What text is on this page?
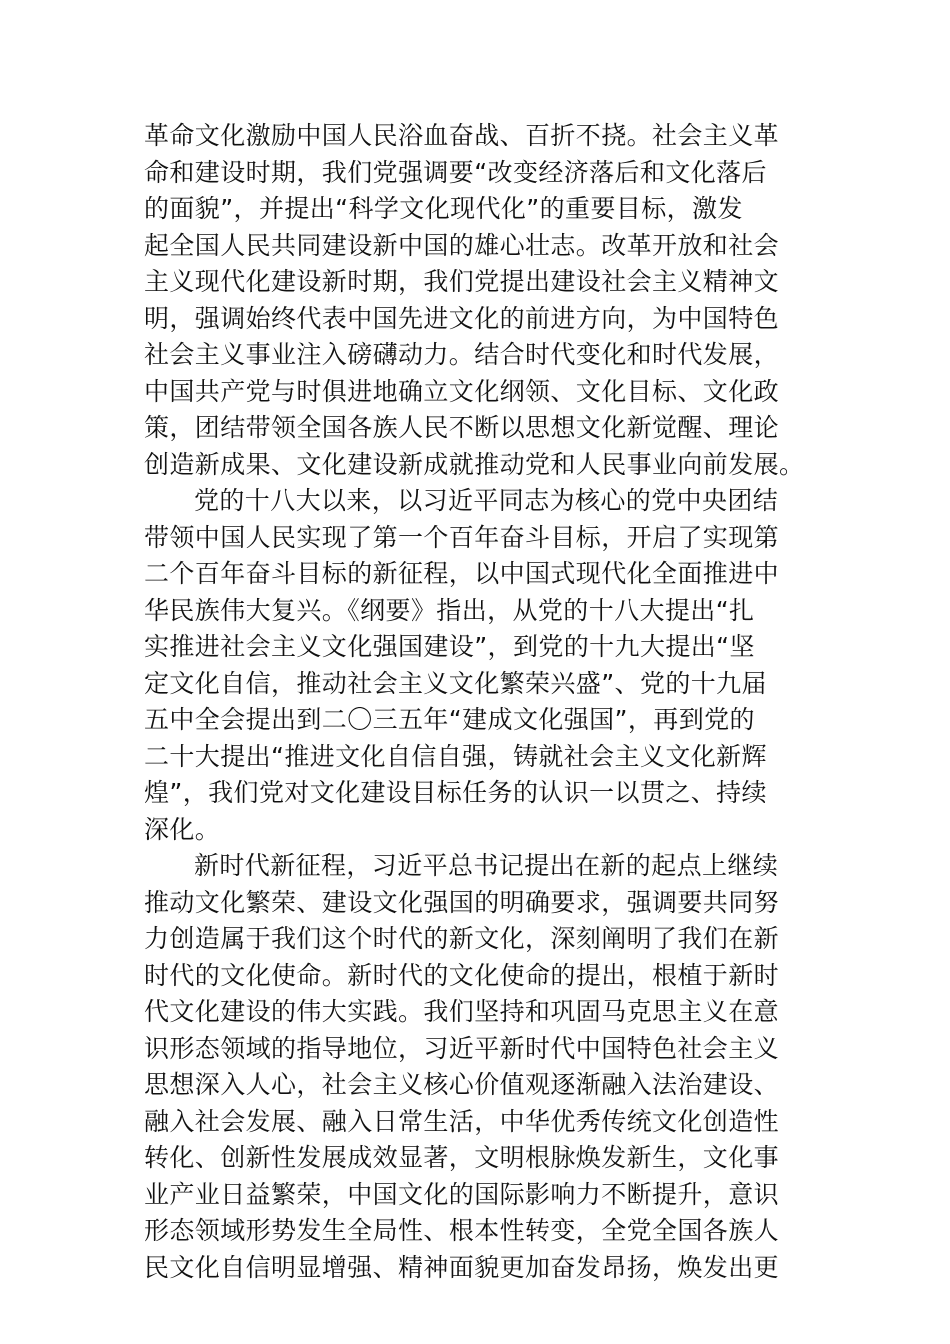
革命文化激励中国人民浴血奋战、百折不挠。社会主义革
命和建设时期，我们党强调要“改变经济落后和文化落后
的面貌”，并提出“科学文化现代化”的重要目标，激发
起全国人民共同建设新中国的雄心壮志。改革开放和社会
主义现代化建设新时期，我们党提出建设社会主义精神文
明，强调始终代表中国先进文化的前进方向，为中国特色
社会主义事业注入磅礴动力。结合时代变化和时代发展，
中国共产党与时俱进地确立文化纲领、文化目标、文化政
策，团结带领全国各族人民不断以思想文化新觉醒、理论
创造新成果、文化建设新成就推动党和人民事业向前发展。
党的十八大以来，以习近平同志为核心的党中央团结
带领中国人民实现了第一个百年奋斗目标，开启了实现第
二个百年奋斗目标的新征程，以中国式现代化全面推进中
华民族伟大复兴。《纲要》指出，从党的十八大提出“扎
实推进社会主义文化强国建设”，到党的十九大提出“坚
定文化自信，推动社会主义文化繁荣兴盛”、党的十九届
五中全会提出到二〇三五年“建成文化强国”，再到党的
二十大提出“推进文化自信自强，铸就社会主义文化新辉
煌”，我们党对文化建设目标任务的认识一以贯之、持续
深化。
新时代新征程，习近平总书记提出在新的起点上继续
推动文化繁荣、建设文化强国的明确要求，强调要共同努
力创造属于我们这个时代的新文化，深刻阐明了我们在新
时代的文化使命。新时代的文化使命的提出，根植于新时
代文化建设的伟大实践。我们坚持和巩固马克思主义在意
识形态领域的指导地位，习近平新时代中国特色社会主义
思想深入人心，社会主义核心价值观逐渐融入法治建设、
融入社会发展、融入日常生活，中华优秀传统文化创造性
转化、创新性发展成效显著，文明根脉焕发新生，文化事
业产业日益繁荣，中国文化的国际影响力不断提升，意识
形态领域形势发生全局性、根本性转变，全党全国各族人
民文化自信明显增强、精神面貌更加奋发昂扬，焕发出更
